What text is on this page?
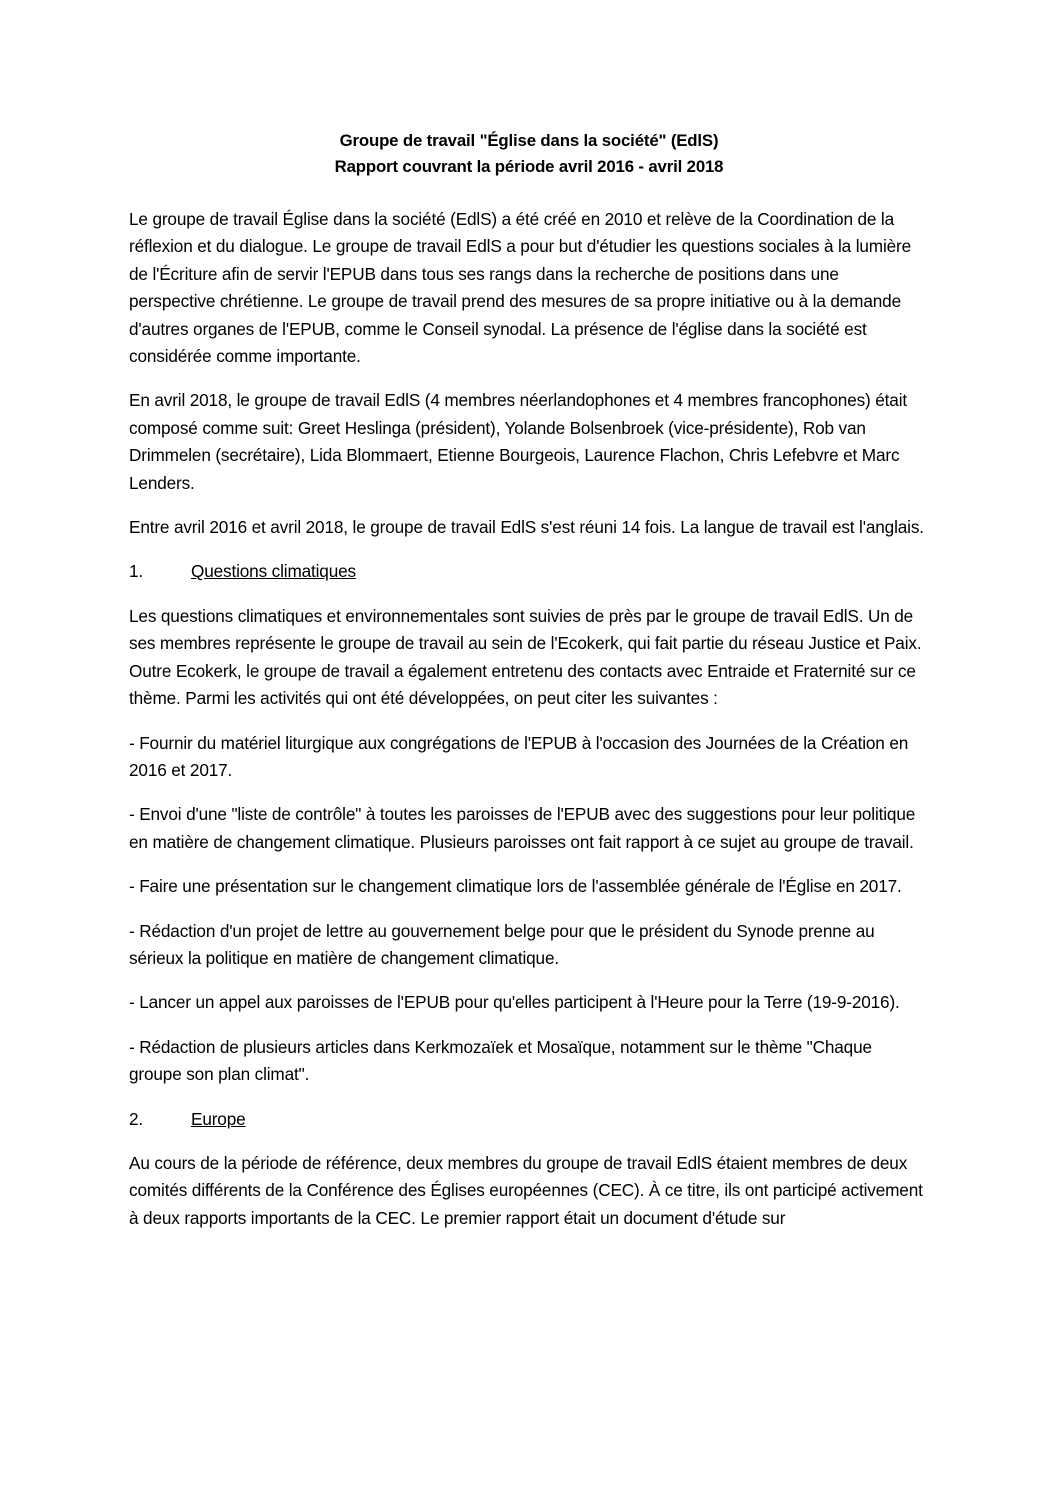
Groupe de travail "Église dans la société" (EdlS)
Rapport couvrant la période avril 2016 - avril 2018

Le groupe de travail Église dans la société (EdlS) a été créé en 2010 et relève de la Coordination de la réflexion et du dialogue. Le groupe de travail EdlS a pour but d'étudier les questions sociales à la lumière de l'Écriture afin de servir l'EPUB dans tous ses rangs dans la recherche de positions dans une perspective chrétienne. Le groupe de travail prend des mesures de sa propre initiative ou à la demande d'autres organes de l'EPUB, comme le Conseil synodal. La présence de l'église dans la société est considérée comme importante.

En avril 2018, le groupe de travail EdlS (4 membres néerlandophones et 4 membres francophones) était composé comme suit: Greet Heslinga (président), Yolande Bolsenbroek (vice-présidente), Rob van Drimmelen (secrétaire), Lida Blommaert, Etienne Bourgeois, Laurence Flachon, Chris Lefebvre et Marc Lenders.

Entre avril 2016 et avril 2018, le groupe de travail EdlS s'est réuni 14 fois. La langue de travail est l'anglais.

1.	Questions climatiques

Les questions climatiques et environnementales sont suivies de près par le groupe de travail EdlS. Un de ses membres représente le groupe de travail au sein de l'Ecokerk, qui fait partie du réseau Justice et Paix. Outre Ecokerk, le groupe de travail a également entretenu des contacts avec Entraide et Fraternité sur ce thème. Parmi les activités qui ont été développées, on peut citer les suivantes :

- Fournir du matériel liturgique aux congrégations de l'EPUB à l'occasion des Journées de la Création en 2016 et 2017.

- Envoi d'une "liste de contrôle" à toutes les paroisses de l'EPUB avec des suggestions pour leur politique en matière de changement climatique. Plusieurs paroisses ont fait rapport à ce sujet au groupe de travail.

- Faire une présentation sur le changement climatique lors de l'assemblée générale de l'Église en 2017.

- Rédaction d'un projet de lettre au gouvernement belge pour que le président du Synode prenne au sérieux la politique en matière de changement climatique.

- Lancer un appel aux paroisses de l'EPUB pour qu'elles participent à l'Heure pour la Terre (19-9-2016).

- Rédaction de plusieurs articles dans Kerkmozaïek et Mosaïque, notamment sur le thème "Chaque groupe son plan climat".

2.	Europe

Au cours de la période de référence, deux membres du groupe de travail EdlS étaient membres de deux comités différents de la Conférence des Églises européennes (CEC). À ce titre, ils ont participé activement à deux rapports importants de la CEC. Le premier rapport était un document d'étude sur
